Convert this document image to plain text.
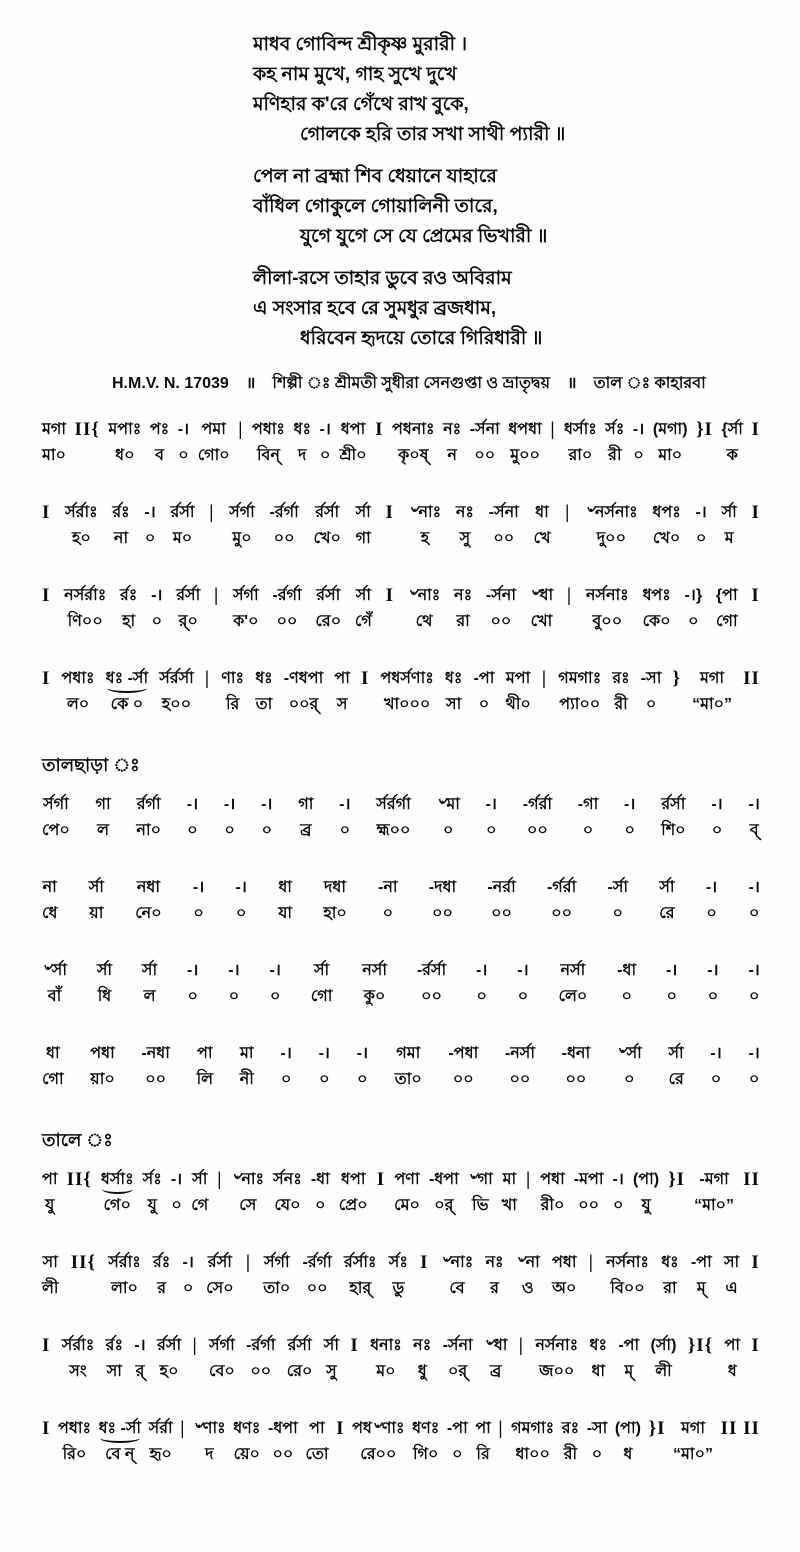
মাধব গোবিন্দ শ্রীকৃষ্ণ মুরারী ।
কহ নাম মুখে, গাহ সুখে দুখে
মণিহার ক'রে গেঁথে রাখ বুকে,
গোলকে হরি তার সখা সাথী প্যারী ॥
পেল না ব্রহ্মা শিব ধেয়ানে যাহারে
বাঁধিল গোকুলে গোয়ালিনী তারে,
যুগে যুগে সে যে প্রেমের ভিখারী ॥
লীলা-রসে তাহার ডুবে রও অবিরাম
এ সংসার হবে রে সুমধুর ব্রজধাম,
ধরিবেন হৃদয়ে তোরে গিরিধারী ॥
H.M.V. N. 17039 ॥ শিল্পী ঃ শ্রীমতী সুধীরা সেনগুপ্তা ও ভ্রাতৃদ্বয় ॥ তাল ঃ কাহারবা
মগা
মা০
II{ মপাঃ
ধ০
পঃ
ব
-।
০
পমা
গো০
| পধাঃ
বিন্
ধঃ
দ
-।
০
ধপা
শ্রী০
I পধনাঃ
কৃ০ষ্
নঃ
ন
-র্সনা
০০
ধপধা
মু০০
| ধর্সাঃ
রা০
র্সঃ
রী
-।
০
(মগা)
মা০
}I {র্সা
ক
I
I র্সর্রাঃ
হ০
র্রঃ
না
-।
০
র্রর্সা
ম০
| র্সর্গা
মু০
-র্রর্গা
০০
র্রর্সা
খে০
র্সা
গা
I ৺নাঃ
হ
নঃ
সু
-র্সনা
০০
ধা
খে
| ৺নর্সনাঃ
দু০০
ধপঃ
খে০
-।
০
র্সা
ম
I
I নর্সর্রাঃ
ণি০০
র্রঃ
হা
-।
০
র্রর্সা
র্০
| র্সর্গা
ক'০
-র্রর্গা
০০
র্রর্সা
রে০
র্সা
গেঁ
I ৺নাঃ
থে
নঃ
রা
-র্সনা
০০
৺ধা
খো
| নর্সনাঃ
বু০০
ধপঃ
কে০
-।}
০
{পা
গো
I
I পধাঃ
ল০
ধঃ -র্সা
কে ০
র্সর্রর্সা
হ০০
| ণাঃ
রি
ধঃ
তা
-ণধপা
০০র্
পা
স
I পধর্সণাঃ
খা০০০
ধঃ
সা
-পা
০
মপা
থী০
| গমগাঃ
প্যা০০
রঃ
রী
-সা
০
} মগা
“মা০”
II
তালছাড়া ঃ
র্সর্গা
পে০
গা
ল
র্রর্গা
না০
-।
০
-।
০
-।
০
গা
ব্র
-।
০
র্সর্রর্গা
হ্ম০০
৺মা
০
-।
০
-র্গর্রা
০০
-গা
০
-।
০
র্রর্সা
শি০
-।
০
-।
ব্
না
ধে
র্সা
য়া
নধা
নে০
-।
০
-।
০
ধা
যা
দধা
হা০
-না
০
-দধা
০০
-নর্রা
০০
-র্গর্রা
০০
-র্সা
০
র্সা
রে
-।
০
-।
০
৺র্সা
বাঁ
র্সা
ধি
র্সা
ল
-।
০
-।
০
-।
০
র্সা
গো
নর্সা
কু০
-র্রর্সা
০০
-।
০
-।
০
নর্সা
লে০
-ধা
০
-।
০
-।
০
-।
০
ধা
গো
পধা
য়া০
-নধা
০০
পা
লি
মা
নী
-।
০
-।
০
-।
০
গমা
তা০
-পধা
০০
-নর্সা
০০
-ধনা
০০
৺র্সা
০
র্সা
রে
-।
০
-।
০
তালে ঃ
পা
যু
II{ ধর্সাঃ
গে০
র্সঃ
যু
-।
০
র্সা
গে
| ৺নাঃ
সে
র্সনঃ
যে০
-ধা
০
ধপা
প্রে০
I পণা
মে০
-ধপা
০র্
৺গা
ভি
মা
খা
| পধা
রী০
-মপা
০০
-।
০
(পা)
যু
}I -মগা
“মা০”
II
সা
লী
II{ র্সর্রাঃ
লা০
র্রঃ
র
-।
০
র্রর্সা
সে০
| র্সর্গা
তা০
-র্রর্গা
০০
র্রর্সাঃ
হার্
র্সঃ
ডু
I ৺নাঃ
বে
নঃ
র
৺না
ও
পধা
অ০
| নর্সনাঃ
বি০০
ধঃ
রা
-পা
ম্
সা
এ
I
I র্সর্রাঃ
সং
র্রঃ
সা
-।
র্
র্রর্সা
হ০
| র্সর্গা
বে০
-র্রর্গা
০০
র্রর্সা
রে০
র্সা
সু
I ধনাঃ
ম০
নঃ
ধু
-র্সনা
০র্
৺ধা
ব্র
| নর্সনাঃ
জ০০
ধঃ
ধা
-পা
ম্
(র্সা)
লী
}I{ পা
ধ
I
I পধাঃ
রি০
ধঃ -র্সা
বে ন্
র্সর্রা
হৃ০
| ৺ণাঃ
দ
ধণঃ
য়ে০
-ধপা
০০
পা
তো
I পধ৺ণাঃ
রে০০
ধণঃ
গি০
-পা
০
পা
রি
| গমগাঃ
ধা০০
রঃ
রী
-সা
০
(পা)
ধ
}I মগা
“মা০”
II II
